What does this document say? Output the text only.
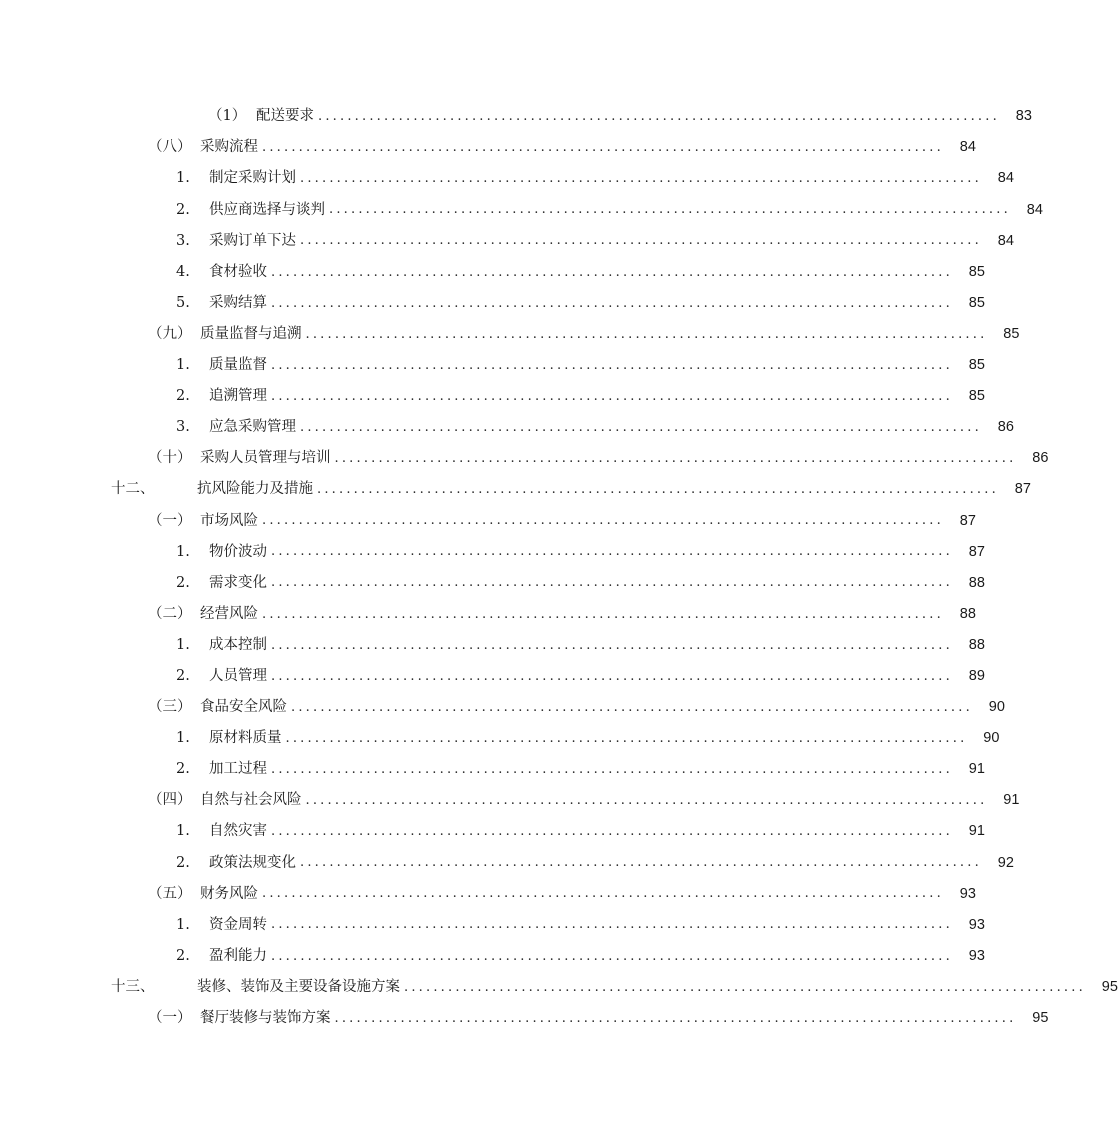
（1） 配送要求 .............................................................................................	83
（八） 采购流程 .............................................................................................	84
1.	制定采购计划 .............................................................................................	84
2.	供应商选择与谈判 .............................................................................................	84
3.	采购订单下达 .............................................................................................	84
4.	食材验收 .............................................................................................	85
5.	采购结算 .............................................................................................	85
（九） 质量监督与追溯 .............................................................................................	85
1.	质量监督 .............................................................................................	85
2.	追溯管理 .............................................................................................	85
3.	应急采购管理 .............................................................................................	86
（十） 采购人员管理与培训 .............................................................................................	86
十二、	抗风险能力及措施 .............................................................................................	87
（一） 市场风险 .............................................................................................	87
1.	物价波动 .............................................................................................	87
2.	需求变化 .............................................................................................	88
（二） 经营风险 .............................................................................................	88
1.	成本控制 .............................................................................................	88
2.	人员管理 .............................................................................................	89
（三） 食品安全风险 .............................................................................................	90
1.	原材料质量 .............................................................................................	90
2.	加工过程 .............................................................................................	91
（四） 自然与社会风险 .............................................................................................	91
1.	自然灾害 .............................................................................................	91
2.	政策法规变化 .............................................................................................	92
（五） 财务风险 .............................................................................................	93
1.	资金周转 .............................................................................................	93
2.	盈利能力 .............................................................................................	93
十三、	装修、装饰及主要设备设施方案 .............................................................................................	95
（一） 餐厅装修与装饰方案 .............................................................................................	95
